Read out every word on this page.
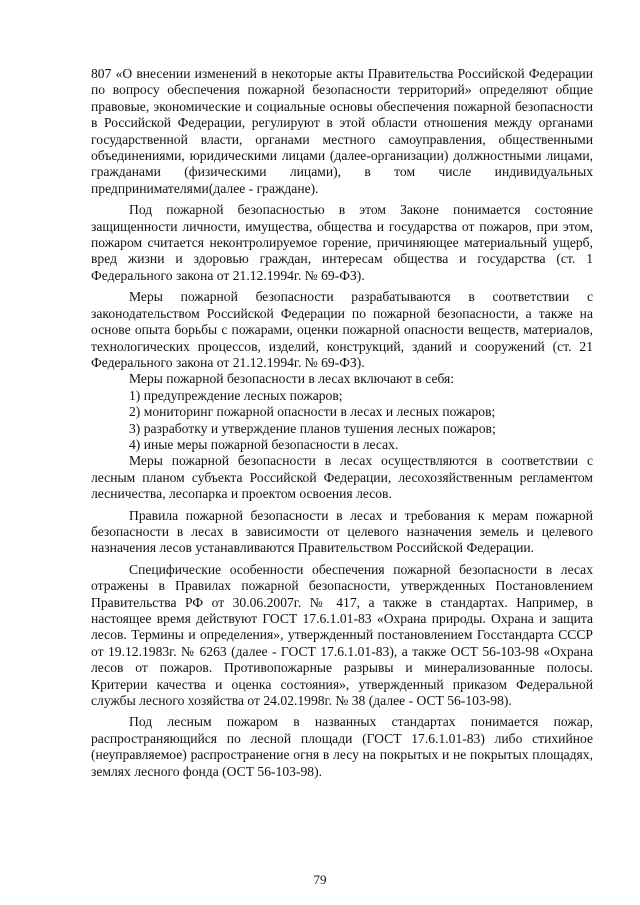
807 «О внесении изменений в некоторые акты Правительства Российской Федерации по вопросу обеспечения пожарной безопасности территорий» определяют общие правовые, экономические и социальные основы обеспечения пожарной безопасности в Российской Федерации, регулируют в этой области отношения между органами государственной власти, органами местного самоуправления, общественными объединениями, юридическими лицами (далее-организации) должностными лицами, гражданами (физическими лицами), в том числе индивидуальных предпринимателями(далее - граждане).

Под пожарной безопасностью в этом Законе понимается состояние защищенности личности, имущества, общества и государства от пожаров, при этом, пожаром считается неконтролируемое горение, причиняющее материальный ущерб, вред жизни и здоровью граждан, интересам общества и государства (ст. 1 Федерального закона от 21.12.1994г. № 69-ФЗ).

Меры пожарной безопасности разрабатываются в соответствии с законодательством Российской Федерации по пожарной безопасности, а также на основе опыта борьбы с пожарами, оценки пожарной опасности веществ, материалов, технологических процессов, изделий, конструкций, зданий и сооружений (ст. 21 Федерального закона от 21.12.1994г. № 69-ФЗ).

Меры пожарной безопасности в лесах включают в себя:

1) предупреждение лесных пожаров;
2) мониторинг пожарной опасности в лесах и лесных пожаров;
3) разработку и утверждение планов тушения лесных пожаров;
4) иные меры пожарной безопасности в лесах.

Меры пожарной безопасности в лесах осуществляются в соответствии с лесным планом субъекта Российской Федерации, лесохозяйственным регламентом лесничества, лесопарка и проектом освоения лесов.

Правила пожарной безопасности в лесах и требования к мерам пожарной безопасности в лесах в зависимости от целевого назначения земель и целевого назначения лесов устанавливаются Правительством Российской Федерации.

Специфические особенности обеспечения пожарной безопасности в лесах отражены в Правилах пожарной безопасности, утвержденных Постановлением Правительства РФ от 30.06.2007г. № 417, а также в стандартах. Например, в настоящее время действуют ГОСТ 17.6.1.01-83 «Охрана природы. Охрана и защита лесов. Термины и определения», утвержденный постановлением Госстандарта СССР от 19.12.1983г. № 6263 (далее - ГОСТ 17.6.1.01-83), а также ОСТ 56-103-98 «Охрана лесов от пожаров. Противопожарные разрывы и минерализованные полосы. Критерии качества и оценка состояния», утвержденный приказом Федеральной службы лесного хозяйства от 24.02.1998г. № 38 (далее - ОСТ 56-103-98).

Под лесным пожаром в названных стандартах понимается пожар, распространяющийся по лесной площади (ГОСТ 17.6.1.01-83) либо стихийное (неуправляемое) распространение огня в лесу на покрытых и не покрытых площадях, землях лесного фонда (ОСТ 56-103-98).

79
